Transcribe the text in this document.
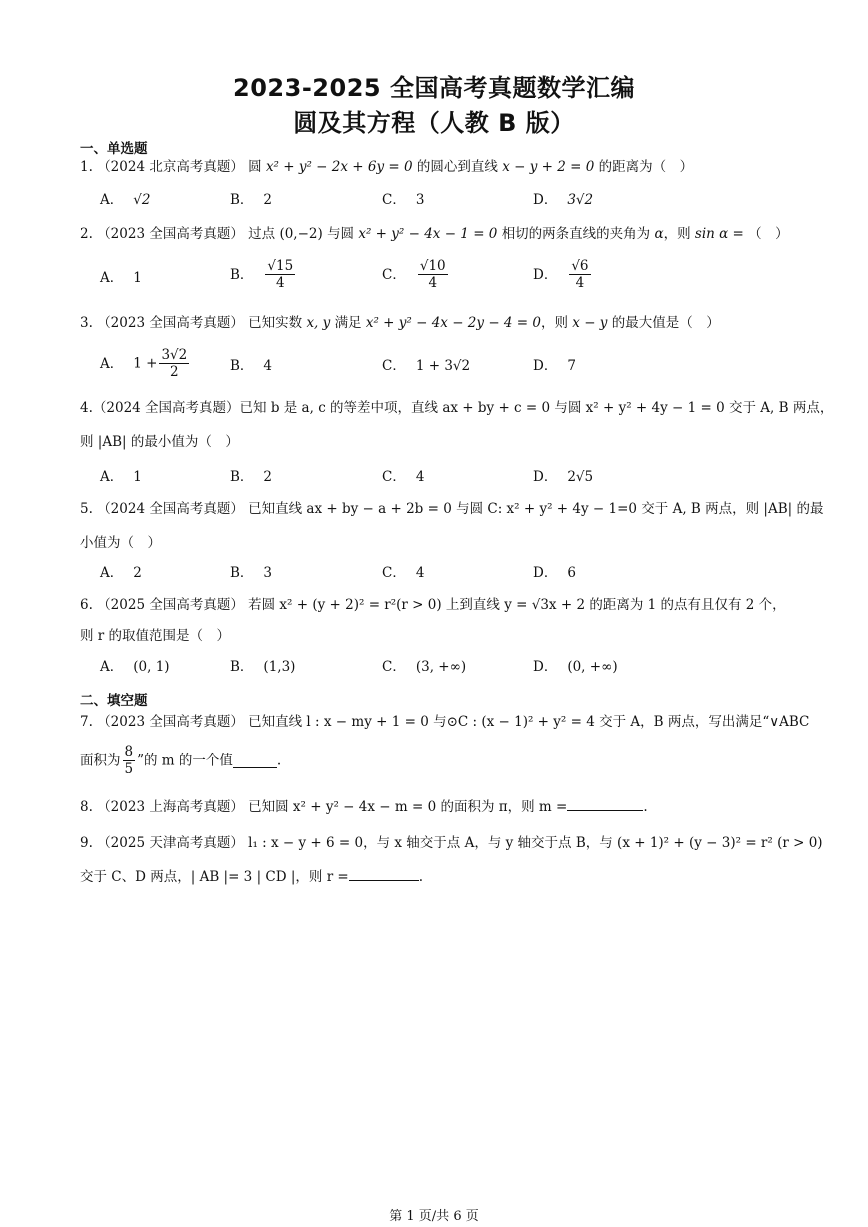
2023-2025 全国高考真题数学汇编
圆及其方程（人教 B 版）
一、单选题
1. （2024 北京高考真题） 圆 x² + y² − 2x + 6y = 0 的圆心到直线 x − y + 2 = 0 的距离为（　）
A． √2	B． 2	C． 3	D． 3√2
2. （2023 全国高考真题） 过点 (0,−2) 与圆 x² + y² − 4x − 1 = 0 相切的两条直线的夹角为 α，则 sin α = （　）
A． 1	B． $\frac{√15}{4}$	C． $\frac{√10}{4}$	D． $\frac{√6}{4}$
3. （2023 全国高考真题） 已知实数 x, y 满足 x² + y² − 4x − 2y − 4 = 0，则 x − y 的最大值是（　）
A． $1 + \frac{3√2}{2}$	B． 4	C． 1 + 3√2	D． 7
4.（2024 全国高考真题）已知 b 是 a, c 的等差中项，直线 ax + by + c = 0 与圆 x² + y² + 4y − 1 = 0 交于 A, B 两点，
则 |AB| 的最小值为（　）
A． 1	B． 2	C． 4	D． 2√5
5. （2024 全国高考真题） 已知直线 ax + by − a + 2b = 0 与圆 C: x² + y² + 4y − 1=0 交于 A, B 两点，则 |AB| 的最
小值为（　）
A． 2	B． 3	C． 4	D． 6
6. （2025 全国高考真题） 若圆 x² + (y + 2)² = r²(r > 0) 上到直线 y = √3x + 2 的距离为 1 的点有且仅有 2 个，
则 r 的取值范围是（　）
A． (0, 1)	B． (1,3)	C． (3, +∞)	D． (0, +∞)
二、填空题
7. （2023 全国高考真题） 已知直线 l : x − my + 1 = 0 与⊙C : (x − 1)² + y² = 4 交于 A，B 两点，写出满足“∨ABC
面积为 $\frac{8}{5}$ ”的 m 的一个值	.
8. （2023 上海高考真题） 已知圆 x² + y² − 4x − m = 0 的面积为 π，则 m =	.
9. （2025 天津高考真题） l₁ : x − y + 6 = 0，与 x 轴交于点 A，与 y 轴交于点 B，与 (x + 1)² + (y − 3)² = r² (r > 0)
交于 C、D 两点，| AB |= 3 | CD |，则 r =	.
第 1 页/共 6 页
